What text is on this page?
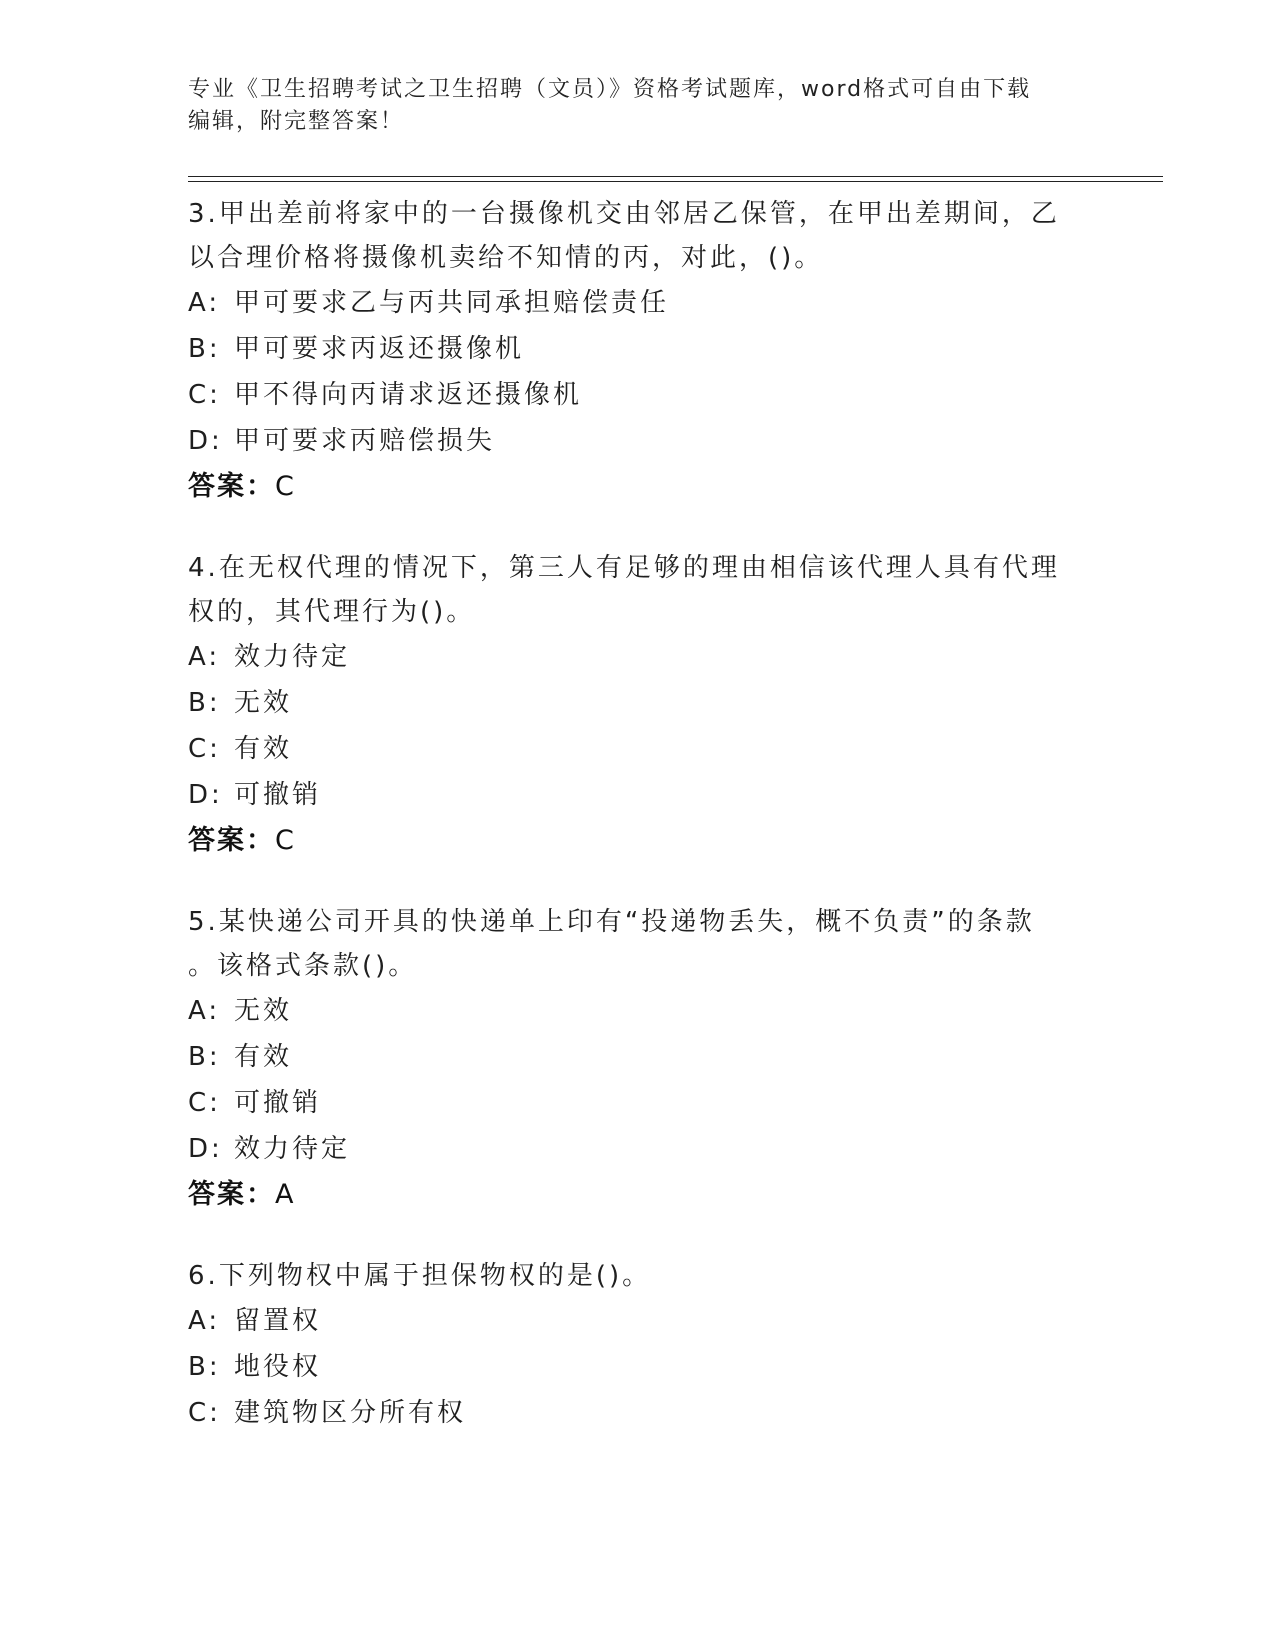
专业《卫生招聘考试之卫生招聘（文员）》资格考试题库，word格式可自由下载
编辑，附完整答案！

3.甲出差前将家中的一台摄像机交由邻居乙保管，在甲出差期间，乙

以合理价格将摄像机卖给不知情的丙，对此，()。

A: 甲可要求乙与丙共同承担赔偿责任
B: 甲可要求丙返还摄像机
C: 甲不得向丙请求返还摄像机
D: 甲可要求丙赔偿损失

答案：C

4.在无权代理的情况下，第三人有足够的理由相信该代理人具有代理

权的，其代理行为()。

A: 效力待定
B: 无效
C: 有效
D: 可撤销

答案：C

5.某快递公司开具的快递单上印有“投递物丢失，概不负责”的条款

。该格式条款()。

A: 无效
B: 有效
C: 可撤销
D: 效力待定

答案：A

6.下列物权中属于担保物权的是()。

A: 留置权
B: 地役权
C: 建筑物区分所有权
